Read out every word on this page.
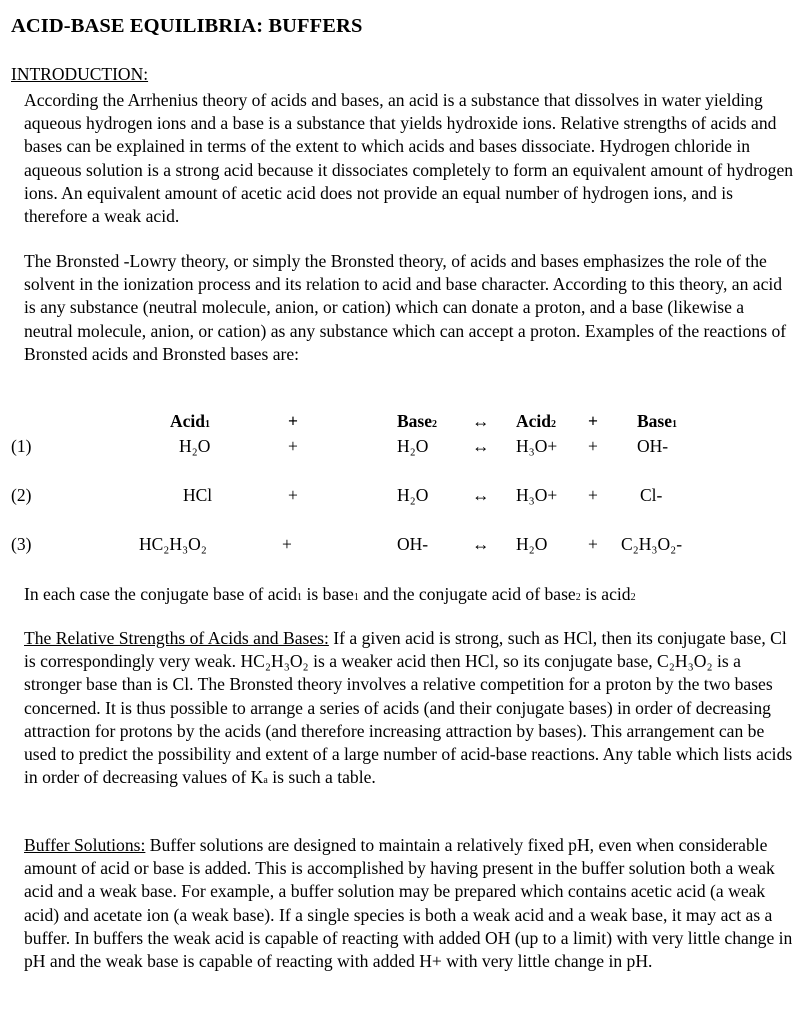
ACID-BASE EQUILIBRIA: BUFFERS
INTRODUCTION:

According the Arrhenius theory of acids and bases, an acid is a substance that dissolves in water yielding aqueous hydrogen ions and a base is a substance that yields hydroxide ions. Relative strengths of acids and bases can be explained in terms of the extent to which acids and bases dissociate. Hydrogen chloride in aqueous solution is a strong acid because it dissociates completely to form an equivalent amount of hydrogen ions. An equivalent amount of acetic acid does not provide an equal number of hydrogen ions, and is therefore a weak acid.

The Bronsted -Lowry theory, or simply the Bronsted theory, of acids and bases emphasizes the role of the solvent in the ionization process and its relation to acid and base character. According to this theory, an acid is any substance (neutral molecule, anion, or cation) which can donate a proton, and a base (likewise a neutral molecule, anion, or cation) as any substance which can accept a proton. Examples of the reactions of Bronsted acids and Bronsted bases are:

Acid1	+	Base2 ↔ Acid2 + Base1
(1)	H₂O	+	H₂O ↔ H₃O+ + OH-
(2)	HCl	+	H₂O ↔ H₃O+ + Cl-
(3)	HC₂H₃O₂	+	OH-	↔ H₂O + C₂H₃O₂-

In each case the conjugate base of acid1 is base1 and the conjugate acid of base2 is acid2

The Relative Strengths of Acids and Bases: If a given acid is strong, such as HCl, then its conjugate base, Cl is correspondingly very weak. HC₂H₃O₂ is a weaker acid then HCl, so its conjugate base, C₂H₃O₂ is a stronger base than is Cl. The Bronsted theory involves a relative competition for a proton by the two bases concerned. It is thus possible to arrange a series of acids (and their conjugate bases) in order of decreasing attraction for protons by the acids (and therefore increasing attraction by bases). This arrangement can be used to predict the possibility and extent of a large number of acid-base reactions. Any table which lists acids in order of decreasing values of Ka is such a table.

Buffer Solutions: Buffer solutions are designed to maintain a relatively fixed pH, even when considerable amount of acid or base is added. This is accomplished by having present in the buffer solution both a weak acid and a weak base. For example, a buffer solution may be prepared which contains acetic acid (a weak acid) and acetate ion (a weak base). If a single species is both a weak acid and a weak base, it may act as a buffer. In buffers the weak acid is capable of reacting with added OH (up to a limit) with very little change in pH and the weak base is capable of reacting with added H+ with very little change in pH.
